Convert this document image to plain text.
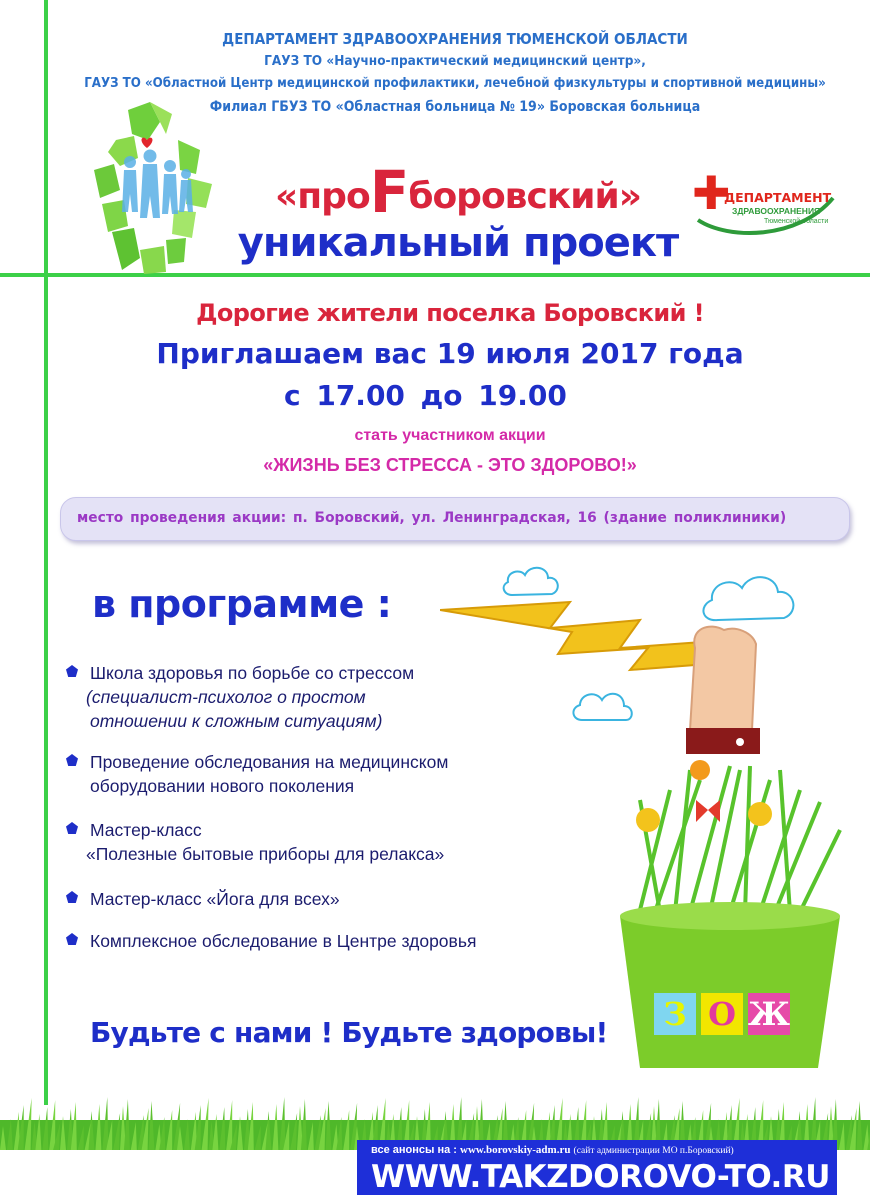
ДЕПАРТАМЕНТ ЗДРАВООХРАНЕНИЯ ТЮМЕНСКОЙ ОБЛАСТИ
ГАУЗ ТО «Научно-практический медицинский центр»,
ГАУЗ ТО «Областной Центр медицинской профилактики, лечебной физкультуры и спортивной медицины»
Филиал ГБУЗ ТО «Областная больница № 19» Боровская больница
«проFборовский»
уникальный проект
✚
ДЕПАРТАМЕНТ
ЗДРАВООХРАНЕНИЯ
Тюменской области
Дорогие жители поселка Боровский !
Приглашаем вас 19 июля 2017 года
с 17.00 до 19.00
стать участником акции
«ЖИЗНЬ БЕЗ СТРЕССА - ЭТО ЗДОРОВО!»
место проведения акции: п. Боровский, ул. Ленинградская, 16 (здание поликлиники)
в программе :
Школа здоровья по борьбе со стрессом
(специалист-психолог о простом
отношении к сложным ситуациям)
Проведение обследования на медицинском
оборудовании нового поколения
Мастер-класс
«Полезные бытовые приборы для релакса»
Мастер-класс «Йога для всех»
Комплексное обследование в Центре здоровья
Будьте с нами ! Будьте здоровы! З О Ж
все анонсы на : www.borovskiy-adm.ru (сайт администрации МО п.Боровский)
WWW.TAKZDOROVO-TO.RU
